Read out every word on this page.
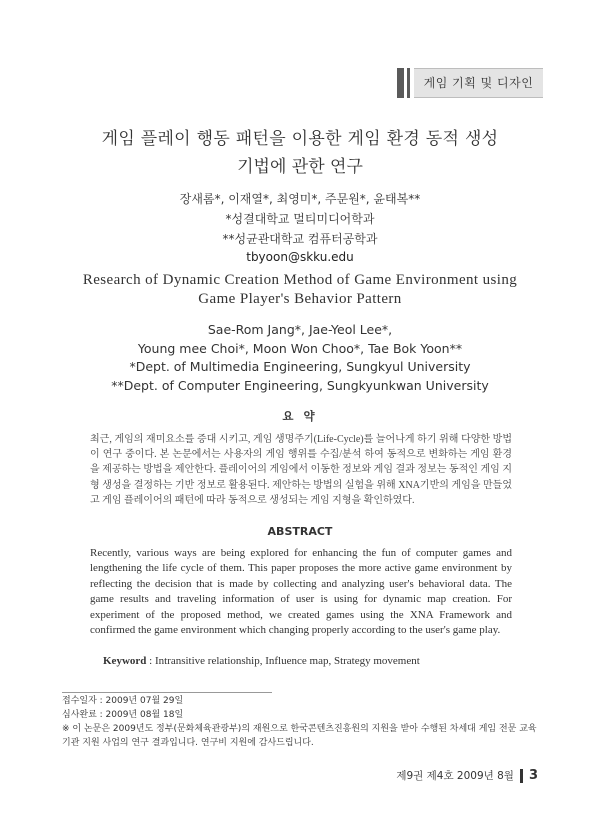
게임 기획 및 디자인
게임 플레이 행동 패턴을 이용한 게임 환경 동적 생성
기법에 관한 연구
장새롬*, 이재열*, 최영미*, 주문원*, 윤태복**
*성결대학교 멀티미디어학과
**성균관대학교 컴퓨터공학과
tbyoon@skku.edu
Research of Dynamic Creation Method of Game Environment using
Game Player's Behavior Pattern
Sae-Rom Jang*, Jae-Yeol Lee*,
Young mee Choi*, Moon Won Choo*, Tae Bok Yoon**
*Dept. of Multimedia Engineering, Sungkyul University
**Dept. of Computer Engineering, Sungkyunkwan University
요 약
최근, 게임의 재미요소를 증대 시키고, 게임 생명주기(Life-Cycle)를 늘어나게 하기 위해 다양한 방법이 연구 중이다. 본 논문에서는 사용자의 게임 행위를 수집/분석 하여 동적으로 변화하는 게임 환경을 제공하는 방법을 제안한다. 플레이어의 게임에서 이동한 정보와 게임 결과 정보는 동적인 게임 지형 생성을 결정하는 기반 정보로 활용된다. 제안하는 방법의 실험을 위해 XNA기반의 게임을 만들었고 게임 플레이어의 패턴에 따라 동적으로 생성되는 게임 지형을 확인하였다.
ABSTRACT
Recently, various ways are being explored for enhancing the fun of computer games and lengthening the life cycle of them. This paper proposes the more active game environment by reflecting the decision that is made by collecting and analyzing user's behavioral data. The game results and traveling information of user is using for dynamic map creation. For experiment of the proposed method, we created games using the XNA Framework and confirmed the game environment which changing properly according to the user's game play.
Keyword : Intransitive relationship, Influence map, Strategy movement
접수일자 : 2009년 07월 29일
심사완료 : 2009년 08월 18일
※ 이 논문은 2009년도 정부(문화체육관광부)의 재원으로 한국콘텐츠진흥원의 지원을 받아 수행된 차세대 게임 전문 교육기관 지원 사업의 연구 결과입니다. 연구비 지원에 감사드립니다.
제9권 제4호 2009년 8월 3
